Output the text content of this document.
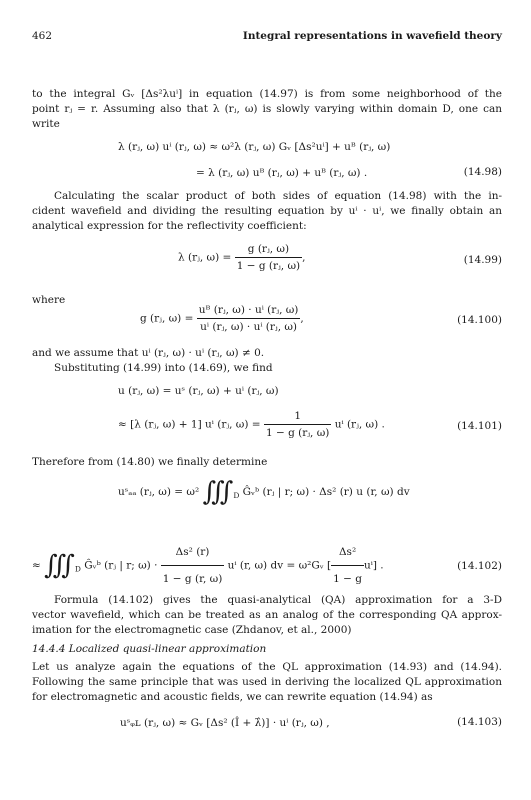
462	Integral representations in wavefield theory
to the integral Gᵥ [Δs²λuⁱ] in equation (14.97) is from some neighborhood of the
point rⱼ = r. Assuming also that λ (rⱼ, ω) is slowly varying within domain D, one can
write
λ (rⱼ, ω) uⁱ (rⱼ, ω) ≈ ω²λ (rⱼ, ω) Gᵥ [Δs²uⁱ] + uᴮ (rⱼ, ω)
= λ (rⱼ, ω) uᴮ (rⱼ, ω) + uᴮ (rⱼ, ω) .	(14.98)
Calculating the scalar product of both sides of equation (14.98) with the in-
cident wavefield and dividing the resulting equation by uⁱ · uⁱ, we finally obtain an
analytical expression for the reflectivity coefficient:
λ (rⱼ, $\omega) = \frac{\text{g (rⱼ, ω)}}{\text{1 − g (rⱼ, ω)}}$ ,	(14.99)
where
g (rⱼ, $\omega) = \frac{\text{uᴮ (rⱼ, ω) · uⁱ (rⱼ, ω)}}{\text{uⁱ (rⱼ, ω) · uⁱ (rⱼ, ω)}}$ ,	(14.100)
and we assume that uⁱ (rⱼ, ω) · uⁱ (rⱼ, ω) ≠ 0.
Substituting (14.99) into (14.69), we find
u (rⱼ, ω) = uˢ (rⱼ, ω) + uⁱ (rⱼ, ω)
≈ [λ (rⱼ, ω) + 1] uⁱ (rⱼ, $\omega) = \frac{1}{\text{1 − g (rⱼ, ω)}}$ uⁱ (rⱼ, ω) .	(14.101)
Therefore from (14.80) we finally determine
uˢₐₐ (rⱼ, ω) = ω² $∭_D$ Ĝᵥᵇ (rⱼ | r; ω) · Δs² (r) u (r, ω) dv
≈ $∭_D$ Ĝᵥᵇ (rⱼ | r; $\omega) \cdot \frac{\text{Δs² (r)}}{1 - g (r, \omega)}$ uⁱ (r, ω) dv = ω²Gᵥ [ $\frac{\text{Δs²}}{1 - g} u^i$] .	(14.102)
Formula (14.102) gives the quasi-analytical (QA) approximation for a 3-D
vector wavefield, which can be treated as an analog of the corresponding QA approx-
imation for the electromagnetic case (Zhdanov, et al., 2000)
14.4.4 Localized quasi-linear approximation
Let us analyze again the equations of the QL approximation (14.93) and (14.94).
Following the same principle that was used in deriving the localized QL approximation
for electromagnetic and acoustic fields, we can rewrite equation (14.94) as
uˢᵩʟ (rⱼ, ω) ≈ Gᵥ [Δs² (Î + λ̂)] · uⁱ (rⱼ, ω) ,	(14.103)
